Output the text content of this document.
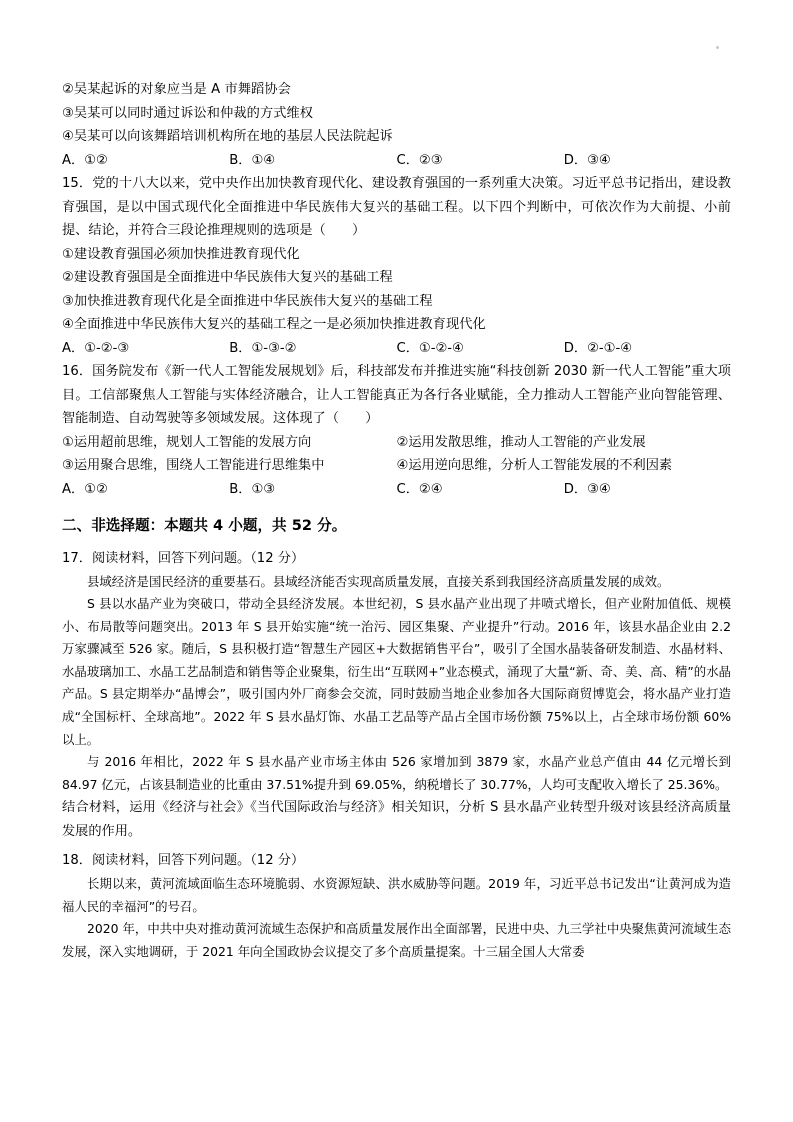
②吴某起诉的对象应当是 A 市舞蹈协会
③吴某可以同时通过诉讼和仲裁的方式维权
④吴某可以向该舞蹈培训机构所在地的基层人民法院起诉
A．①②	B．①④	C．②③	D．③④
15．党的十八大以来，党中央作出加快教育现代化、建设教育强国的一系列重大决策。习近平总书记指出，建设教育强国，是以中国式现代化全面推进中华民族伟大复兴的基础工程。以下四个判断中，可依次作为大前提、小前提、结论，并符合三段论推理规则的选项是（　　）
①建设教育强国必须加快推进教育现代化
②建设教育强国是全面推进中华民族伟大复兴的基础工程
③加快推进教育现代化是全面推进中华民族伟大复兴的基础工程
④全面推进中华民族伟大复兴的基础工程之一是必须加快推进教育现代化
A．①-②-③	B．①-③-②	C．①-②-④	D．②-①-④
16．国务院发布《新一代人工智能发展规划》后，科技部发布并推进实施“科技创新 2030 新一代人工智能”重大项目。工信部聚焦人工智能与实体经济融合，让人工智能真正为各行各业赋能，全力推动人工智能产业向智能管理、智能制造、自动驾驶等多领域发展。这体现了（　　）
①运用超前思维，规划人工智能的发展方向	②运用发散思维，推动人工智能的产业发展
③运用聚合思维，围绕人工智能进行思维集中	④运用逆向思维，分析人工智能发展的不利因素
A．①②	B．①③	C．②④	D．③④
二、非选择题：本题共 4 小题，共 52 分。
17．阅读材料，回答下列问题。（12 分）
县域经济是国民经济的重要基石。县域经济能否实现高质量发展，直接关系到我国经济高质量发展的成效。
S 县以水晶产业为突破口，带动全县经济发展。本世纪初，S 县水晶产业出现了井喷式增长，但产业附加值低、规模小、布局散等问题突出。2013 年 S 县开始实施“统一治污、园区集聚、产业提升”行动。2016 年，该县水晶企业由 2.2 万家骤减至 526 家。随后，S 县积极打造“智慧生产园区+大数据销售平台”，吸引了全国水晶装备研发制造、水晶材料、水晶玻璃加工、水晶工艺品制造和销售等企业聚集，衍生出“互联网+”业态模式，涌现了大量“新、奇、美、高、精”的水晶产品。S 县定期举办“晶博会”，吸引国内外厂商参会交流，同时鼓励当地企业参加各大国际商贸博览会，将水晶产业打造成“全国标杆、全球高地”。2022 年 S 县水晶灯饰、水晶工艺品等产品占全国市场份额 75%以上，占全球市场份额 60%以上。
与 2016 年相比，2022 年 S 县水晶产业市场主体由 526 家增加到 3879 家，水晶产业总产值由 44 亿元增长到 84.97 亿元，占该县制造业的比重由 37.51%提升到 69.05%，纳税增长了 30.77%，人均可支配收入增长了 25.36%。
结合材料，运用《经济与社会》《当代国际政治与经济》相关知识，分析 S 县水晶产业转型升级对该县经济高质量发展的作用。
18．阅读材料，回答下列问题。（12 分）
长期以来，黄河流域面临生态环境脆弱、水资源短缺、洪水威胁等问题。2019 年，习近平总书记发出“让黄河成为造福人民的幸福河”的号召。
2020 年，中共中央对推动黄河流域生态保护和高质量发展作出全面部署，民进中央、九三学社中央聚焦黄河流域生态发展，深入实地调研，于 2021 年向全国政协会议提交了多个高质量提案。十三届全国人大常委
